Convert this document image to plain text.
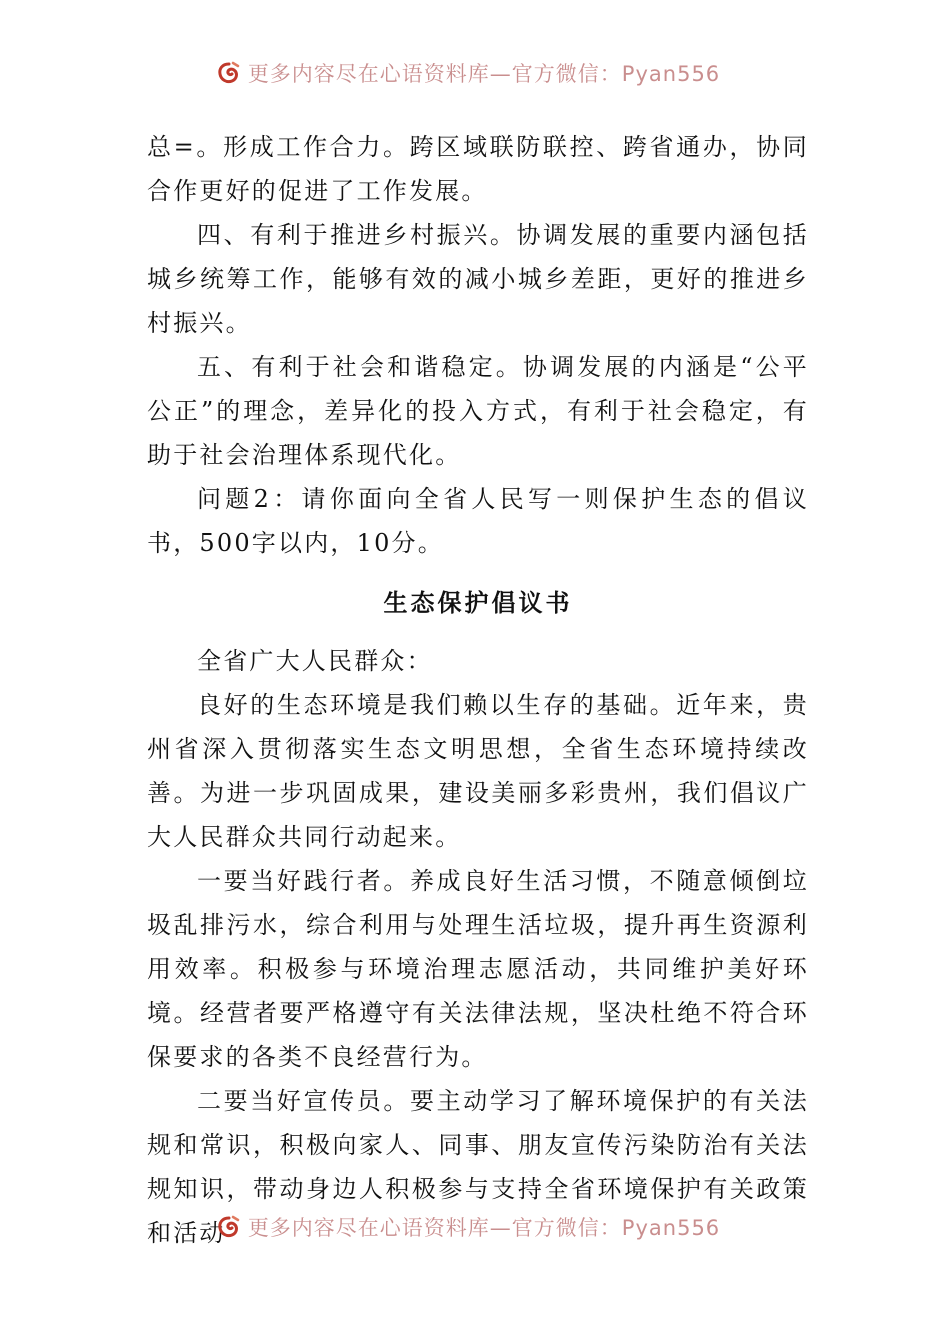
更多内容尽在心语资料库—官方微信：Pyan556

总=。形成工作合力。跨区域联防联控、跨省通办，协同合作更好的促进了工作发展。

四、有利于推进乡村振兴。协调发展的重要内涵包括城乡统筹工作，能够有效的减小城乡差距，更好的推进乡村振兴。

五、有利于社会和谐稳定。协调发展的内涵是“公平公正”的理念，差异化的投入方式，有利于社会稳定，有助于社会治理体系现代化。

问题2：请你面向全省人民写一则保护生态的倡议书，500字以内，10分。

生态保护倡议书

全省广大人民群众：

良好的生态环境是我们赖以生存的基础。近年来，贵州省深入贯彻落实生态文明思想，全省生态环境持续改善。为进一步巩固成果，建设美丽多彩贵州，我们倡议广大人民群众共同行动起来。

一要当好践行者。养成良好生活习惯，不随意倾倒垃圾乱排污水，综合利用与处理生活垃圾，提升再生资源利用效率。积极参与环境治理志愿活动，共同维护美好环境。经营者要严格遵守有关法律法规，坚决杜绝不符合环保要求的各类不良经营行为。

二要当好宣传员。要主动学习了解环境保护的有关法规和常识，积极向家人、同事、朋友宣传污染防治有关法规知识，带动身边人积极参与支持全省环境保护有关政策和活动	更多内容尽在心语资料库—官方微信：Pyan556
